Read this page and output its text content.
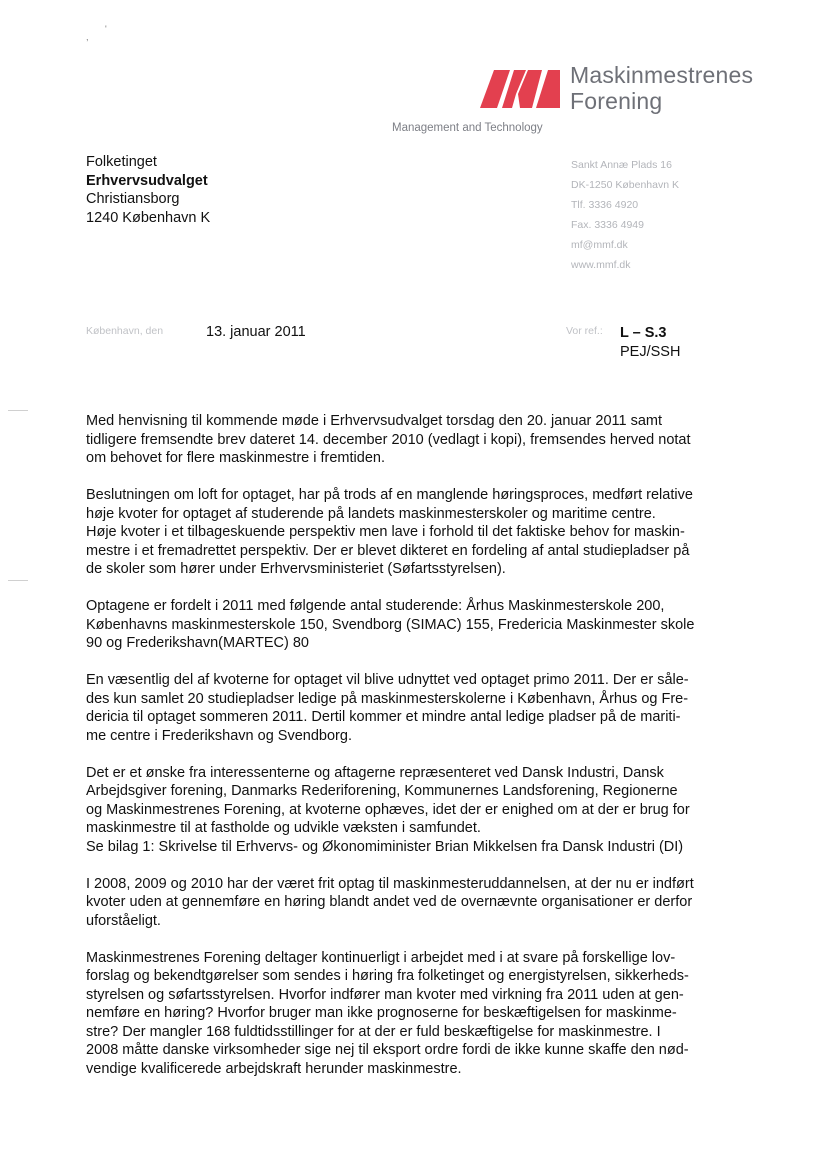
'
,
Maskinmestrenes
Forening
Management and Technology
Folketinget
Erhvervsudvalget
Christiansborg
1240 København K
Sankt Annæ Plads 16
DK-1250 København K
Tlf. 3336 4920
Fax. 3336 4949
mf@mmf.dk
www.mmf.dk
København, den	13. januar 2011	Vor ref.: L – S.3
PEJ/SSH

Med henvisning til kommende møde i Erhvervsudvalget torsdag den 20. januar 2011 samt
tidligere fremsendte brev dateret 14. december 2010 (vedlagt i kopi), fremsendes herved notat
om behovet for flere maskinmestre i fremtiden.

Beslutningen om loft for optaget, har på trods af en manglende høringsproces, medført relative
høje kvoter for optaget af studerende på landets maskinmesterskoler og maritime centre.
Høje kvoter i et tilbageskuende perspektiv men lave i forhold til det faktiske behov for maskin-
mestre i et fremadrettet perspektiv. Der er blevet dikteret en fordeling af antal studiepladser på
de skoler som hører under Erhvervsministeriet (Søfartsstyrelsen).

Optagene er fordelt i 2011 med følgende antal studerende: Århus Maskinmesterskole 200,
Københavns maskinmesterskole 150, Svendborg (SIMAC) 155, Fredericia Maskinmester skole
90 og Frederikshavn(MARTEC) 80

En væsentlig del af kvoterne for optaget vil blive udnyttet ved optaget primo 2011. Der er såle-
des kun samlet 20 studiepladser ledige på maskinmesterskolerne i København, Århus og Fre-
dericia til optaget sommeren 2011. Dertil kommer et mindre antal ledige pladser på de mariti-
me centre i Frederikshavn og Svendborg.

Det er et ønske fra interessenterne og aftagerne repræsenteret ved Dansk Industri, Dansk
Arbejdsgiver forening, Danmarks Rederiforening, Kommunernes Landsforening, Regionerne
og Maskinmestrenes Forening, at kvoterne ophæves, idet der er enighed om at der er brug for
maskinmestre til at fastholde og udvikle væksten i samfundet.
Se bilag 1: Skrivelse til Erhvervs- og Økonomiminister Brian Mikkelsen fra Dansk Industri (DI)

I 2008, 2009 og 2010 har der været frit optag til maskinmesteruddannelsen, at der nu er indført
kvoter uden at gennemføre en høring blandt andet ved de overnævnte organisationer er derfor
uforståeligt.

Maskinmestrenes Forening deltager kontinuerligt i arbejdet med i at svare på forskellige lov-
forslag og bekendtgørelser som sendes i høring fra folketinget og energistyrelsen, sikkerheds-
styrelsen og søfartsstyrelsen. Hvorfor indfører man kvoter med virkning fra 2011 uden at gen-
nemføre en høring? Hvorfor bruger man ikke prognoserne for beskæftigelsen for maskinme-
stre? Der mangler 168 fuldtidsstillinger for at der er fuld beskæftigelse for maskinmestre. I
2008 måtte danske virksomheder sige nej til eksport ordre fordi de ikke kunne skaffe den nød-
vendige kvalificerede arbejdskraft herunder maskinmestre.
